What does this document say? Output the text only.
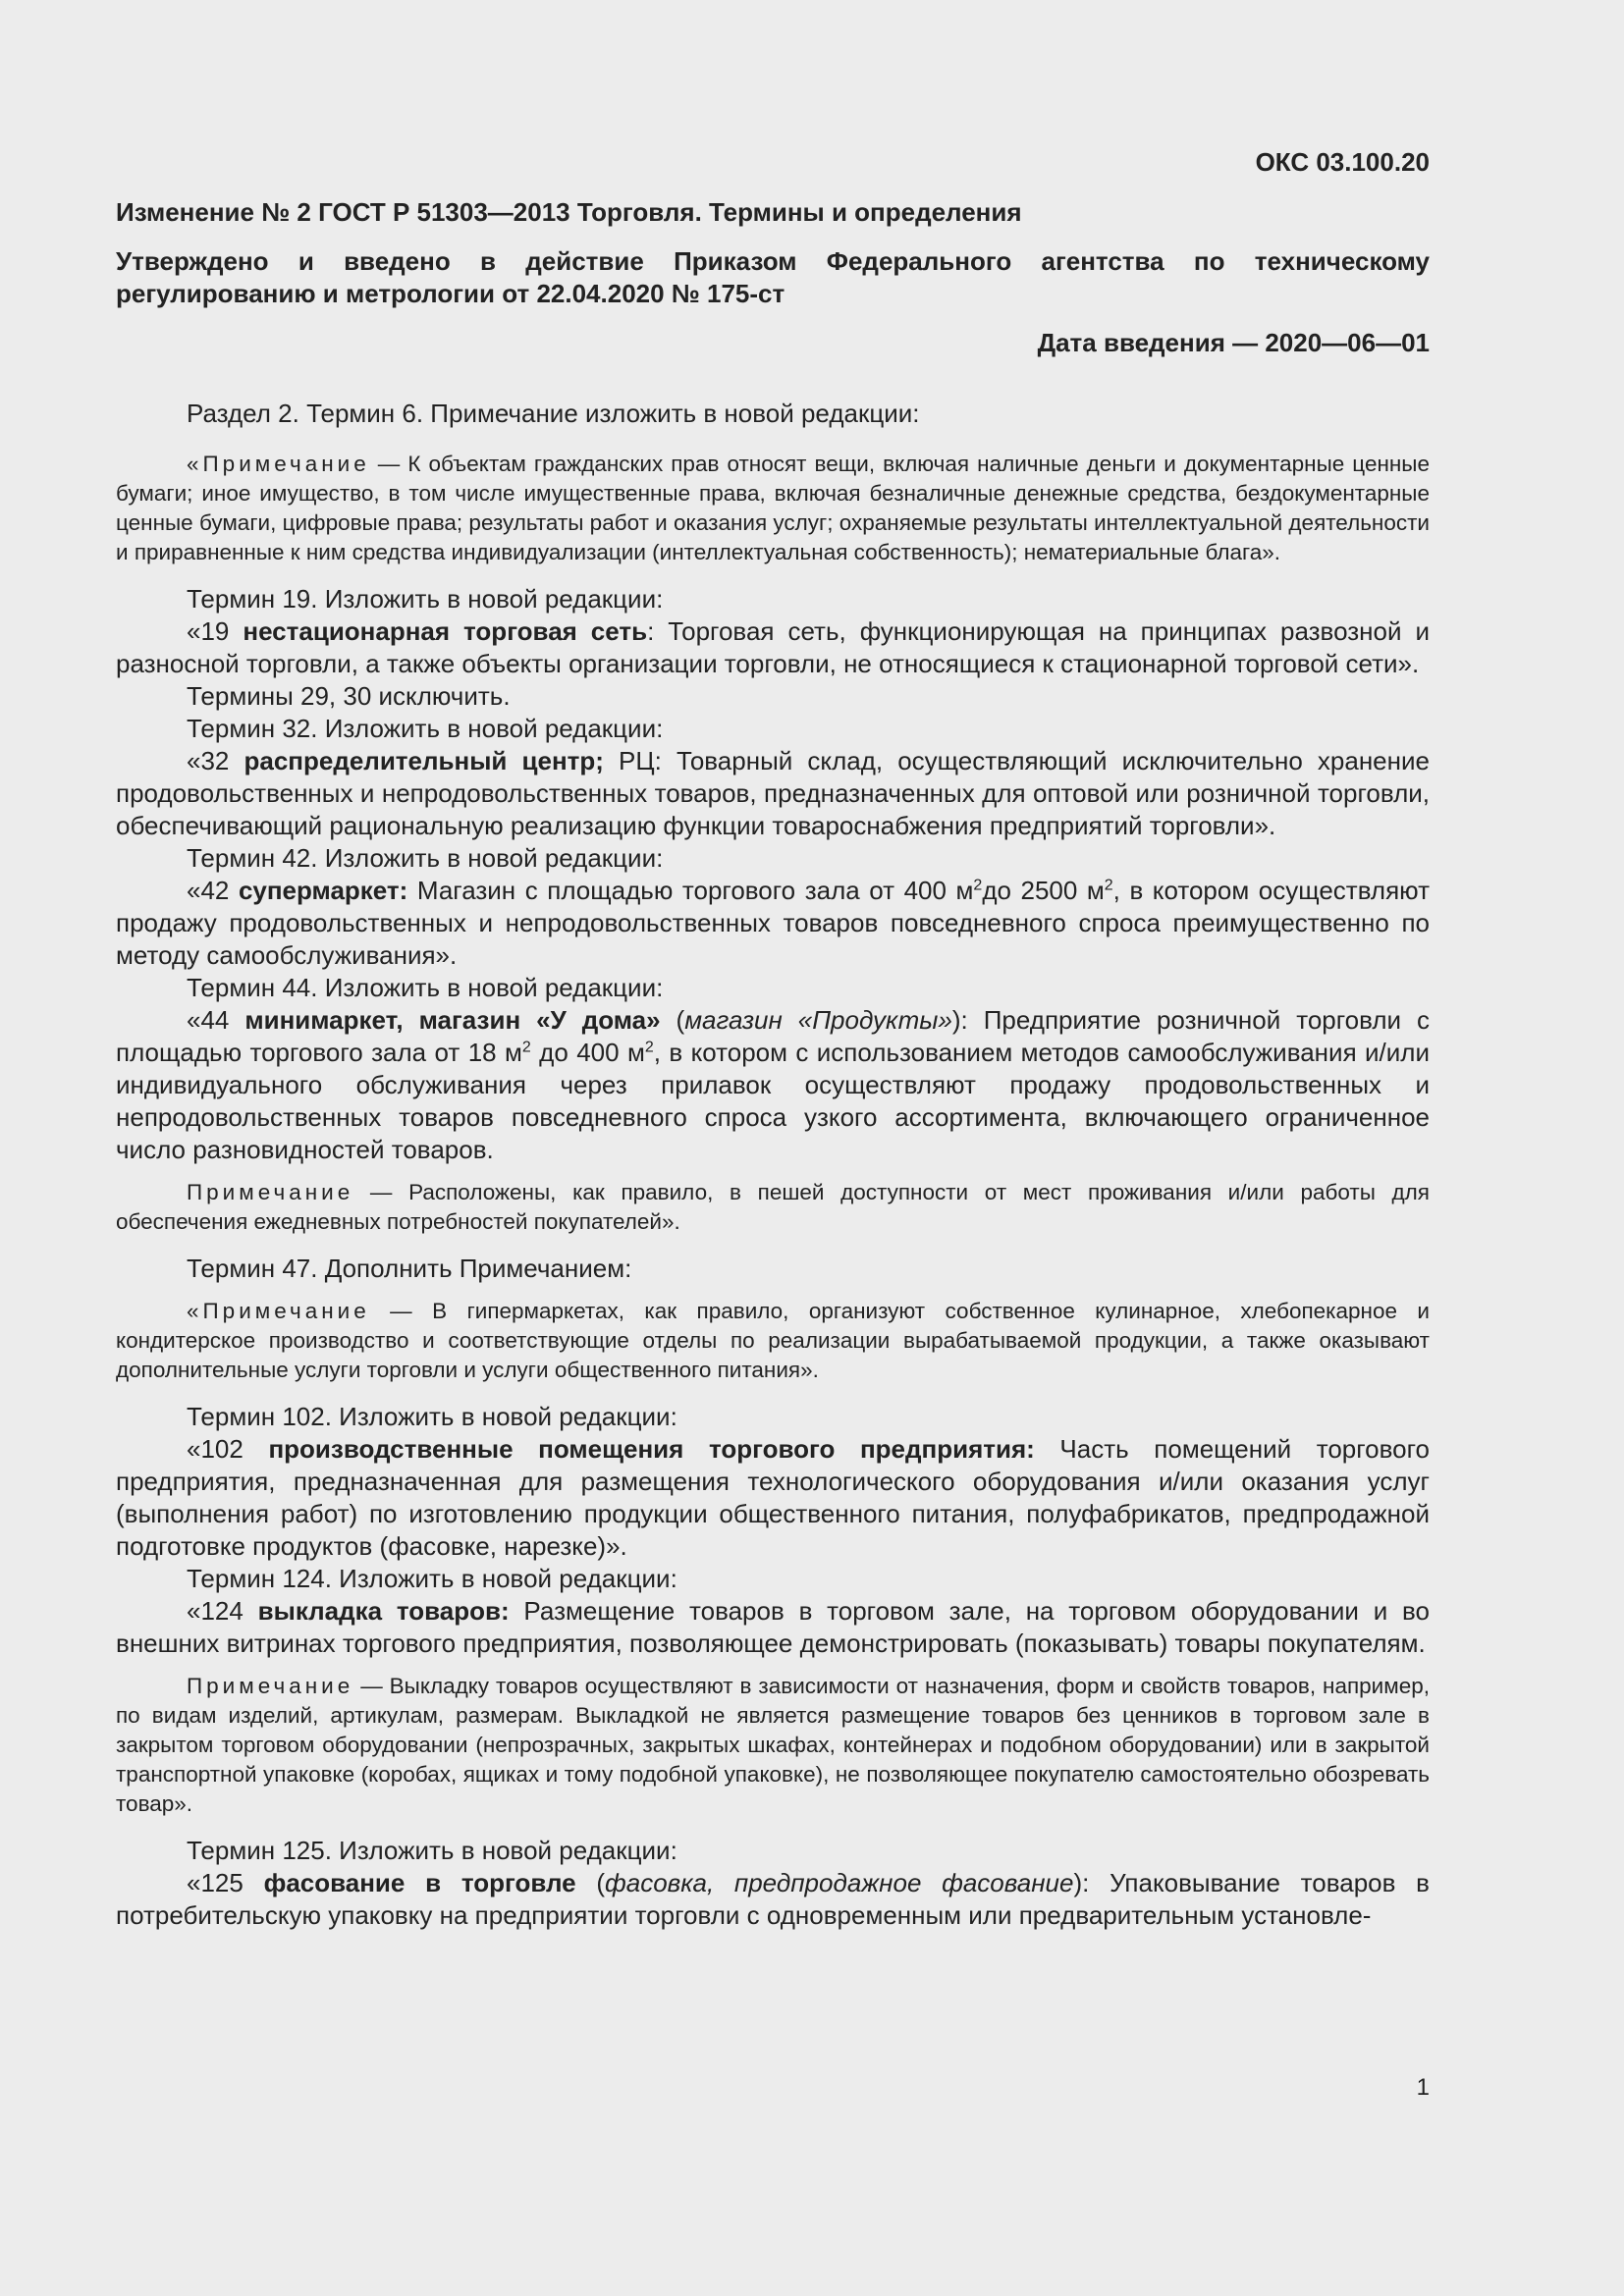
ОКС 03.100.20
Изменение № 2 ГОСТ Р 51303—2013 Торговля. Термины и определения
Утверждено и введено в действие Приказом Федерального агентства по техническому регулированию и метрологии от 22.04.2020 № 175-ст
Дата введения — 2020—06—01

Раздел 2. Термин 6. Примечание изложить в новой редакции:

«Примечание — К объектам гражданских прав относят вещи, включая наличные деньги и документарные ценные бумаги; иное имущество, в том числе имущественные права, включая безналичные денежные средства, бездокументарные ценные бумаги, цифровые права; результаты работ и оказания услуг; охраняемые результаты интеллектуальной деятельности и приравненные к ним средства индивидуализации (интеллектуальная собственность); нематериальные блага».

Термин 19. Изложить в новой редакции:

«19 нестационарная торговая сеть: Торговая сеть, функционирующая на принципах развозной и разносной торговли, а также объекты организации торговли, не относящиеся к стационарной торговой сети».

Термины 29, 30 исключить.

Термин 32. Изложить в новой редакции:

«32 распределительный центр; РЦ: Товарный склад, осуществляющий исключительно хранение продовольственных и непродовольственных товаров, предназначенных для оптовой или розничной торговли, обеспечивающий рациональную реализацию функции товароснабжения предприятий торговли».

Термин 42. Изложить в новой редакции:

«42 супермаркет: Магазин с площадью торгового зала от 400 $м^2до$ 2500 $м^2$, в котором осуществляют продажу продовольственных и непродовольственных товаров повседневного спроса преимущественно по методу самообслуживания».

Термин 44. Изложить в новой редакции:

«44 минимаркет, магазин «У дома» (магазин «Продукты»): Предприятие розничной торговли с площадью торгового зала от 18 $м^2$ до 400 $м^2$, в котором с использованием методов самообслуживания и/или индивидуального обслуживания через прилавок осуществляют продажу продовольственных и непродовольственных товаров повседневного спроса узкого ассортимента, включающего ограниченное число разновидностей товаров.

Примечание — Расположены, как правило, в пешей доступности от мест проживания и/или работы для обеспечения ежедневных потребностей покупателей».

Термин 47. Дополнить Примечанием:

«Примечание — В гипермаркетах, как правило, организуют собственное кулинарное, хлебопекарное и кондитерское производство и соответствующие отделы по реализации вырабатываемой продукции, а также оказывают дополнительные услуги торговли и услуги общественного питания».

Термин 102. Изложить в новой редакции:

«102 производственные помещения торгового предприятия: Часть помещений торгового предприятия, предназначенная для размещения технологического оборудования и/или оказания услуг (выполнения работ) по изготовлению продукции общественного питания, полуфабрикатов, предпродажной подготовке продуктов (фасовке, нарезке)».

Термин 124. Изложить в новой редакции:

«124 выкладка товаров: Размещение товаров в торговом зале, на торговом оборудовании и во внешних витринах торгового предприятия, позволяющее демонстрировать (показывать) товары покупателям.

Примечание — Выкладку товаров осуществляют в зависимости от назначения, форм и свойств товаров, например, по видам изделий, артикулам, размерам. Выкладкой не является размещение товаров без ценников в торговом зале в закрытом торговом оборудовании (непрозрачных, закрытых шкафах, контейнерах и подобном оборудовании) или в закрытой транспортной упаковке (коробах, ящиках и тому подобной упаковке), не позволяющее покупателю самостоятельно обозревать товар».

Термин 125. Изложить в новой редакции:

«125 фасование в торговле (фасовка, предпродажное фасование): Упаковывание товаров в потребительскую упаковку на предприятии торговли с одновременным или предварительным установле-

1
